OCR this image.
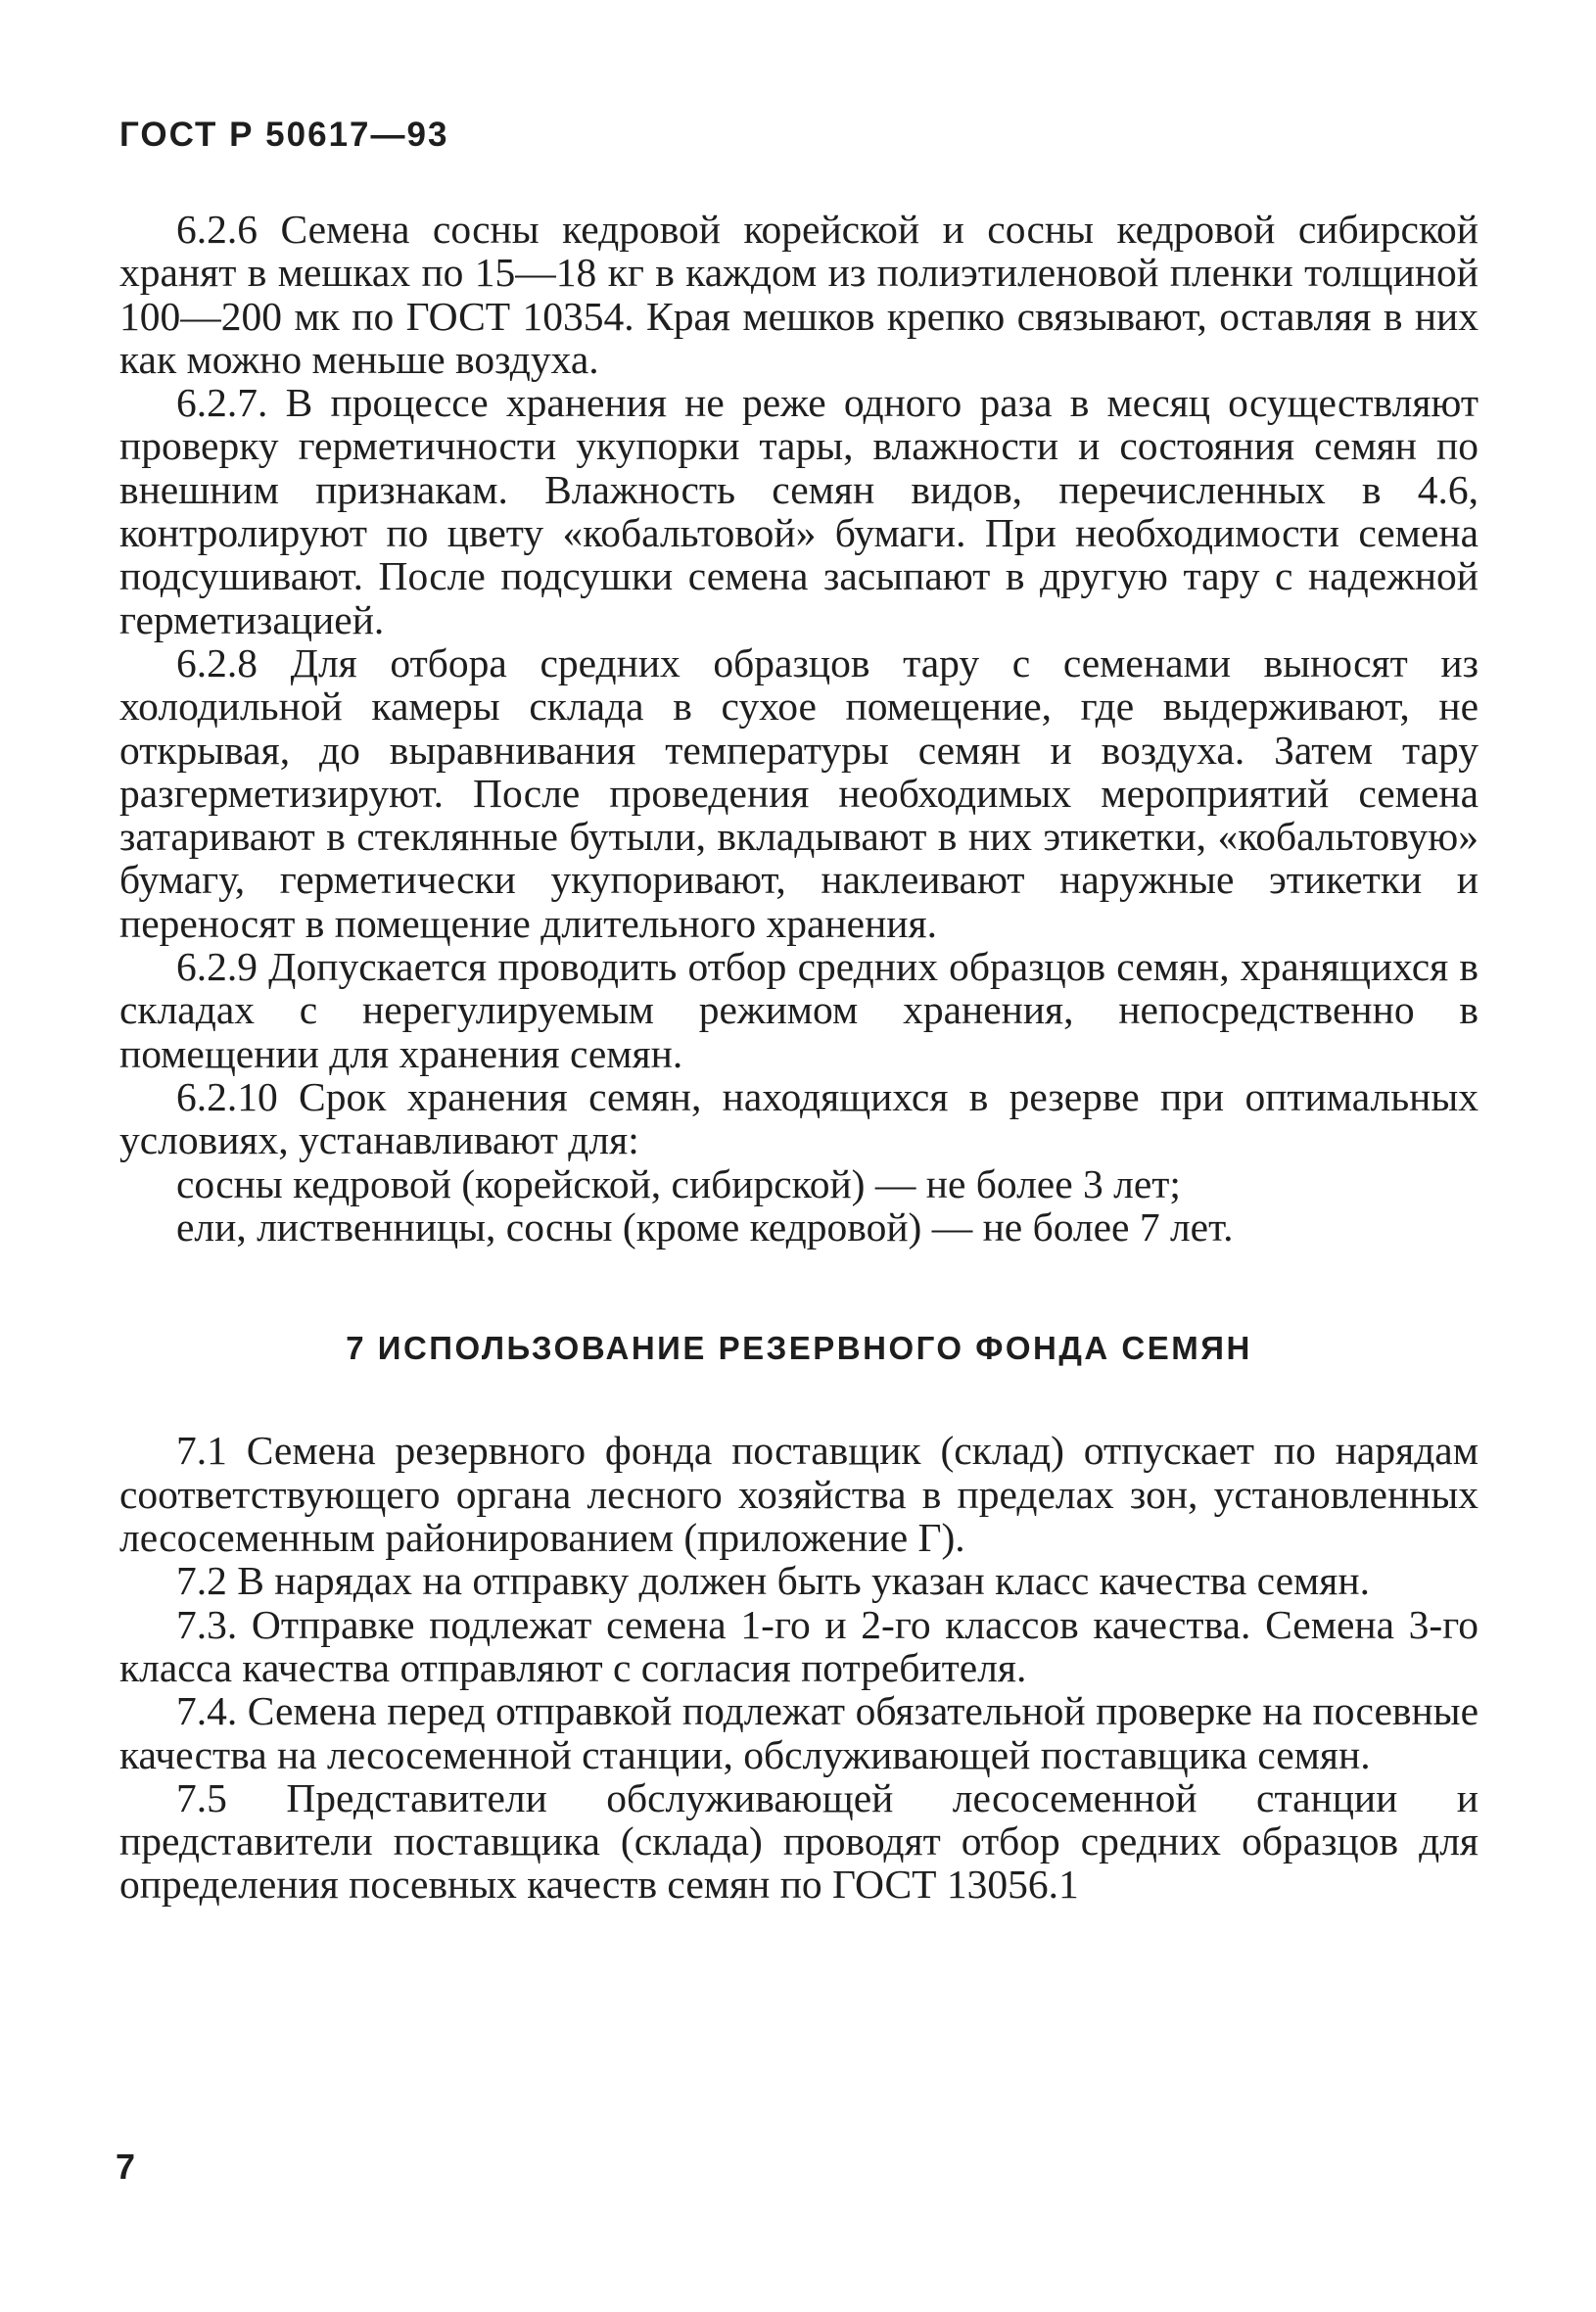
ГОСТ Р 50617—93

6.2.6 Семена сосны кедровой корейской и сосны кедровой сибирской хранят в мешках по 15—18 кг в каждом из полиэтиленовой пленки толщиной 100—200 мк по ГОСТ 10354. Края мешков крепко связывают, оставляя в них как можно меньше воздуха.

6.2.7. В процессе хранения не реже одного раза в месяц осуществляют проверку герметичности укупорки тары, влажности и состояния семян по внешним признакам. Влажность семян видов, перечисленных в 4.6, контролируют по цвету «кобальтовой» бумаги. При необходимости семена подсушивают. После подсушки семена засыпают в другую тару с надежной герметизацией.

6.2.8 Для отбора средних образцов тару с семенами выносят из холодильной камеры склада в сухое помещение, где выдерживают, не открывая, до выравнивания температуры семян и воздуха. Затем тару разгерметизируют. После проведения необходимых мероприятий семена затаривают в стеклянные бутыли, вкладывают в них этикетки, «кобальтовую» бумагу, герметически укупоривают, наклеивают наружные этикетки и переносят в помещение длительного хранения.

6.2.9 Допускается проводить отбор средних образцов семян, хранящихся в складах с нерегулируемым режимом хранения, непосредственно в помещении для хранения семян.

6.2.10 Срок хранения семян, находящихся в резерве при оптимальных условиях, устанавливают для:

сосны кедровой (корейской, сибирской) — не более 3 лет;

ели, лиственницы, сосны (кроме кедровой) — не более 7 лет.

7 ИСПОЛЬЗОВАНИЕ РЕЗЕРВНОГО ФОНДА СЕМЯН

7.1 Семена резервного фонда поставщик (склад) отпускает по нарядам соответствующего органа лесного хозяйства в пределах зон, установленных лесосеменным районированием (приложение Г).

7.2 В нарядах на отправку должен быть указан класс качества семян.

7.3. Отправке подлежат семена 1-го и 2-го классов качества. Семена 3-го класса качества отправляют с согласия потребителя.

7.4. Семена перед отправкой подлежат обязательной проверке на посевные качества на лесосеменной станции, обслуживающей поставщика семян.

7.5 Представители обслуживающей лесосеменной станции и представители поставщика (склада) проводят отбор средних образцов для определения посевных качеств семян по ГОСТ 13056.1

7
